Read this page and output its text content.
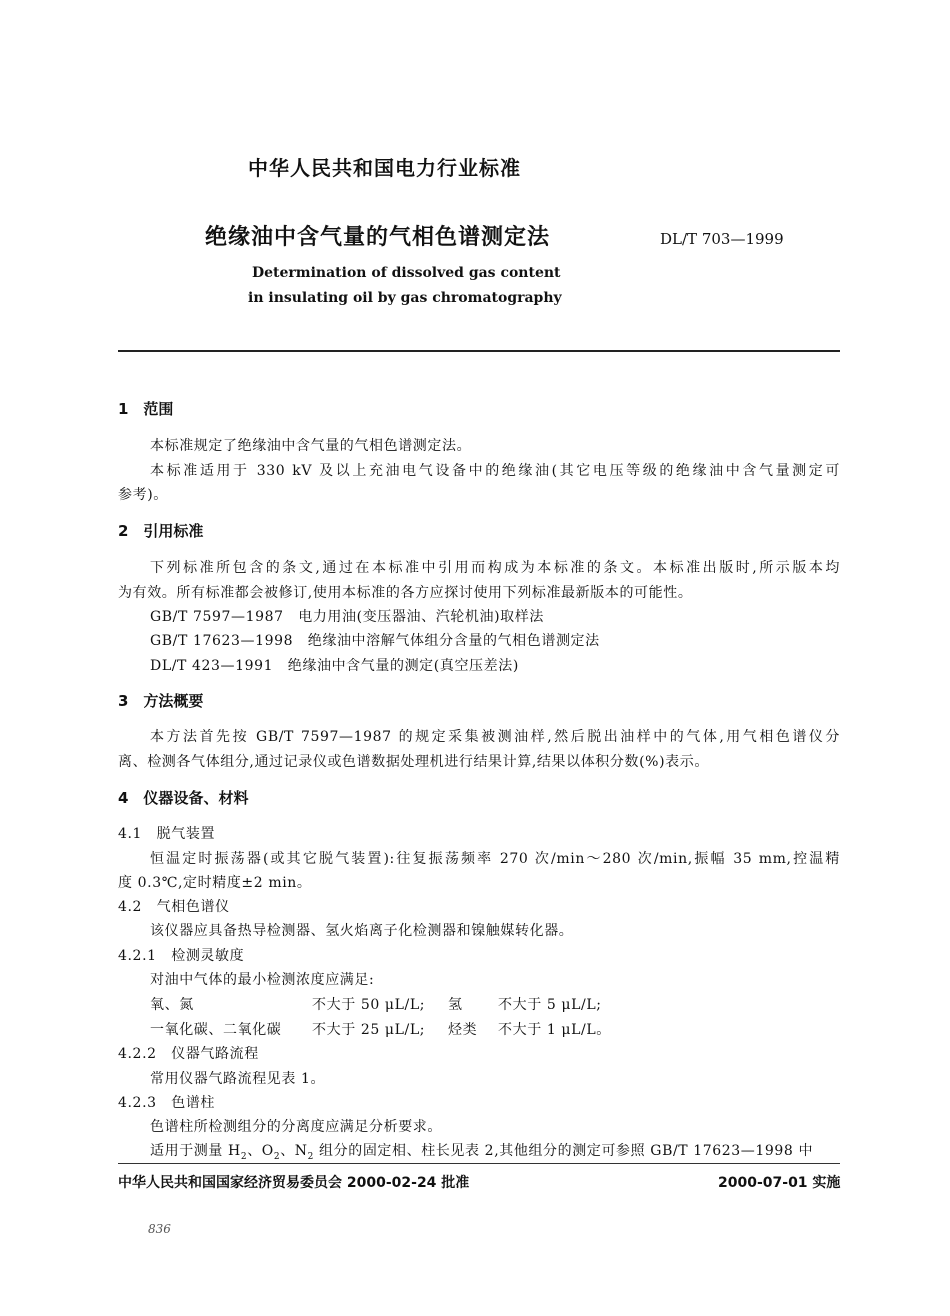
中华人民共和国电力行业标准
绝缘油中含气量的气相色谱测定法	DL/T 703—1999
Determination of dissolved gas content
in insulating oil by gas chromatography
1　范围
本标准规定了绝缘油中含气量的气相色谱测定法。
本标准适用于 330 kV 及以上充油电气设备中的绝缘油(其它电压等级的绝缘油中含气量测定可
参考)。
2　引用标准
下列标准所包含的条文,通过在本标准中引用而构成为本标准的条文。本标准出版时,所示版本均
为有效。所有标准都会被修订,使用本标准的各方应探讨使用下列标准最新版本的可能性。
GB/T 7597—1987　电力用油(变压器油、汽轮机油)取样法
GB/T 17623—1998　绝缘油中溶解气体组分含量的气相色谱测定法
DL/T 423—1991　绝缘油中含气量的测定(真空压差法)
3　方法概要
本方法首先按 GB/T 7597—1987 的规定采集被测油样,然后脱出油样中的气体,用气相色谱仪分
离、检测各气体组分,通过记录仪或色谱数据处理机进行结果计算,结果以体积分数(%)表示。
4　仪器设备、材料
4.1　脱气装置
恒温定时振荡器(或其它脱气装置):往复振荡频率 270 次/min～280 次/min,振幅 35 mm,控温精
度 0.3℃,定时精度±2 min。
4.2　气相色谱仪
该仪器应具备热导检测器、氢火焰离子化检测器和镍触媒转化器。
4.2.1　检测灵敏度
对油中气体的最小检测浓度应满足:
氧、氮	不大于 50 μL/L; 氢	不大于 5 μL/L;
一氧化碳、二氧化碳 不大于 25 μL/L; 烃类 不大于 1 μL/L。
4.2.2　仪器气路流程
常用仪器气路流程见表 1。
4.2.3　色谱柱
色谱柱所检测组分的分离度应满足分析要求。
适用于测量 $H_2$、$O_2$、$N_2$ 组分的固定相、柱长见表 2,其他组分的测定可参照 GB/T 17623—1998 中
中华人民共和国国家经济贸易委员会 2000-02-24 批准	2000-07-01 实施
836
